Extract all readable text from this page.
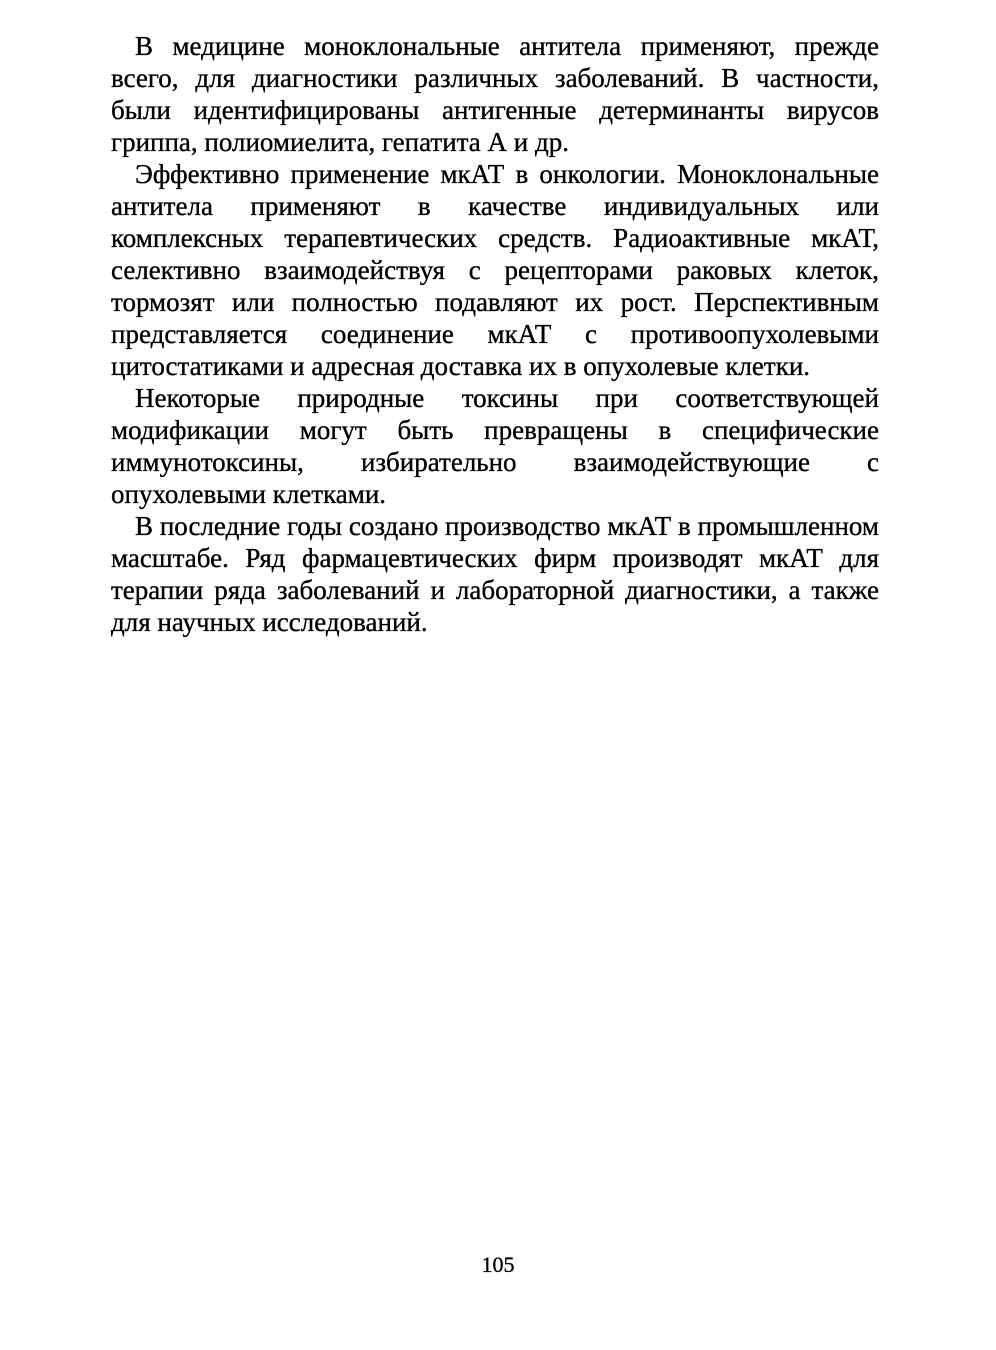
В медицине моноклональные антитела применяют, прежде всего, для диагностики различных заболеваний. В частности, были идентифицированы антигенные детерминанты вирусов гриппа, полиомиелита, гепатита А и др.

Эффективно применение мкАТ в онкологии. Моноклональные антитела применяют в качестве индивидуальных или комплексных терапевтических средств. Радиоактивные мкАТ, селективно взаимодействуя с рецепторами раковых клеток, тормозят или полностью подавляют их рост. Перспективным представляется соединение мкАТ с противоопухолевыми цитостатиками и адресная доставка их в опухолевые клетки.

Некоторые природные токсины при соответствующей модификации могут быть превращены в специфические иммунотоксины, избирательно взаимодействующие с опухолевыми клетками.

В последние годы создано производство мкАТ в промышленном масштабе. Ряд фармацевтических фирм производят мкАТ для терапии ряда заболеваний и лабораторной диагностики, а также для научных исследований.

105
